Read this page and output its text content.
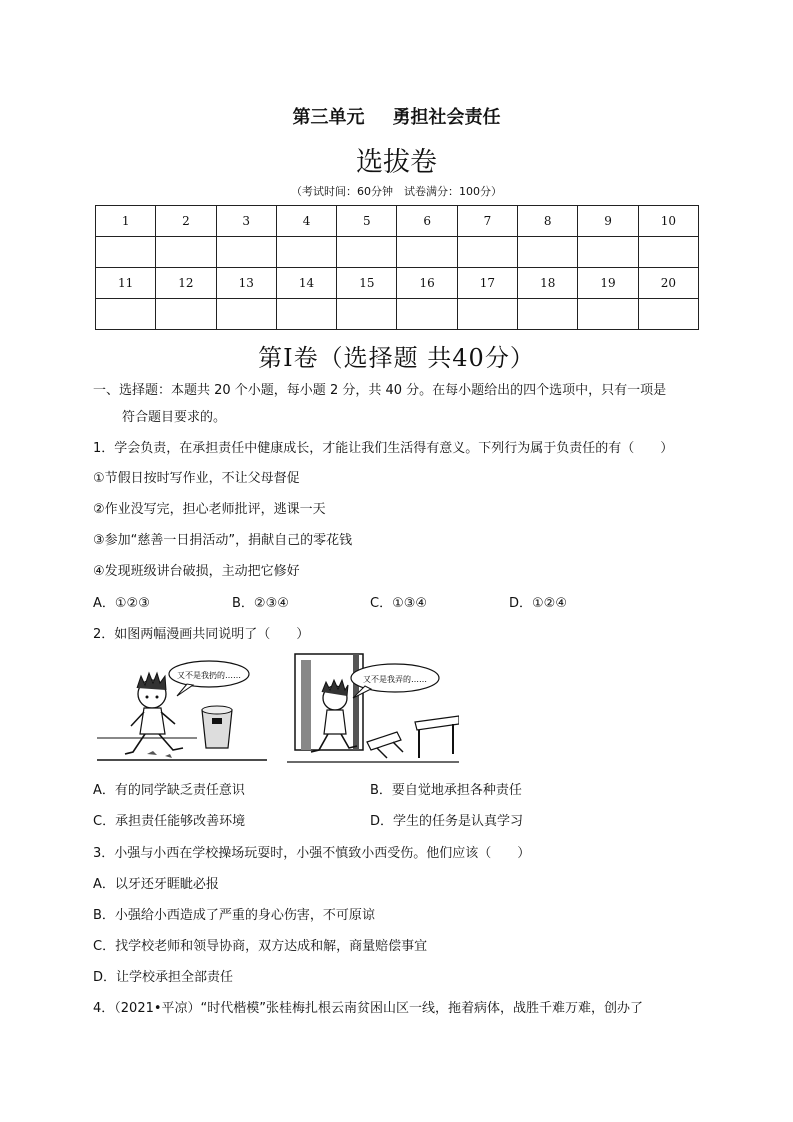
第三单元 勇担社会责任
选拔卷
（考试时间：60分钟　试卷满分：100分）
1	2	3	4	5	6	7	8	9	10

11	12	13	14	15	16	17	18	19	20

第Ⅰ卷（选择题 共40分）
一、选择题：本题共 20 个小题，每小题 2 分，共 40 分。在每小题给出的四个选项中，只有一项是
符合题目要求的。
1．学会负责，在承担责任中健康成长，才能让我们生活得有意义。下列行为属于负责任的有（　　）
①节假日按时写作业，不让父母督促
②作业没写完，担心老师批评，逃课一天
③参加“慈善一日捐活动”，捐献自己的零花钱
④发现班级讲台破损，主动把它修好
A．①②③	B．②③④	C．①③④	D．①②④
2．如图两幅漫画共同说明了（　　）
又不是我扔的……	又不是我弄的……
A．有的同学缺乏责任意识	B．要自觉地承担各种责任
C．承担责任能够改善环境	D．学生的任务是认真学习
3．小强与小西在学校操场玩耍时，小强不慎致小西受伤。他们应该（　　）
A．以牙还牙睚眦必报
B．小强给小西造成了严重的身心伤害，不可原谅
C．找学校老师和领导协商，双方达成和解，商量赔偿事宜
D．让学校承担全部责任
4．（2021•平凉）“时代楷模”张桂梅扎根云南贫困山区一线，拖着病体，战胜千难万难，创办了
